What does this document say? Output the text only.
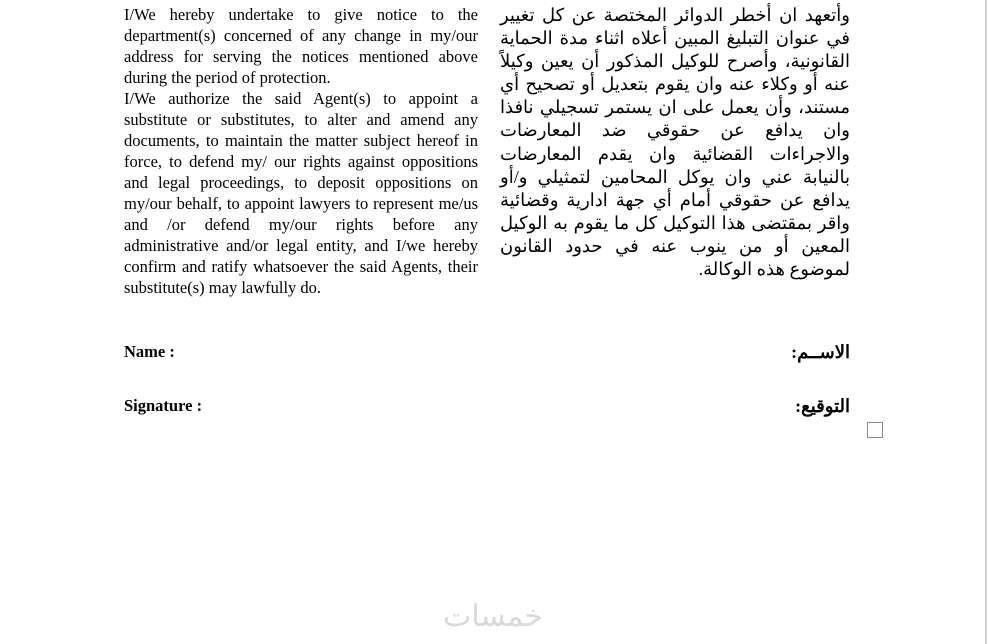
I/We hereby undertake to give notice to the department(s) concerned of any change in my/our address for serving the notices mentioned above during the period of protection.

I/We authorize the said Agent(s) to appoint a substitute or substitutes, to alter and amend any documents, to maintain the matter subject hereof in force, to defend my/ our rights against oppositions and legal proceedings, to deposit oppositions on my/our behalf, to appoint lawyers to represent me/us and /or defend my/our rights before any administrative and/or legal entity, and I/we hereby confirm and ratify whatsoever the said Agents, their substitute(s) may lawfully do.

وأتعهد ان أخطر الدوائر المختصة عن كل تغيير في عنوان التبليغ المبين أعلاه اثناء مدة الحماية القانونية، وأصرح للوكيل المذكور أن يعين وكيلاً عنه أو وكلاء عنه وان يقوم بتعديل أو تصحيح أي مستند، وأن يعمل على ان يستمر تسجيلي نافذا وان يدافع عن حقوقي ضد المعارضات والاجراءات القضائية وان يقدم المعارضات بالنيابة عني وان يوكل المحامين لتمثيلي و/أو يدافع عن حقوقي أمام أي جهة ادارية وقضائية واقر بمقتضى هذا التوكيل كل ما يقوم به الوكيل المعين أو من ينوب عنه في حدود القانون لموضوع هذه الوكالة.

Name :	الاســم:
Signature :	التوقيع:
خمسات
